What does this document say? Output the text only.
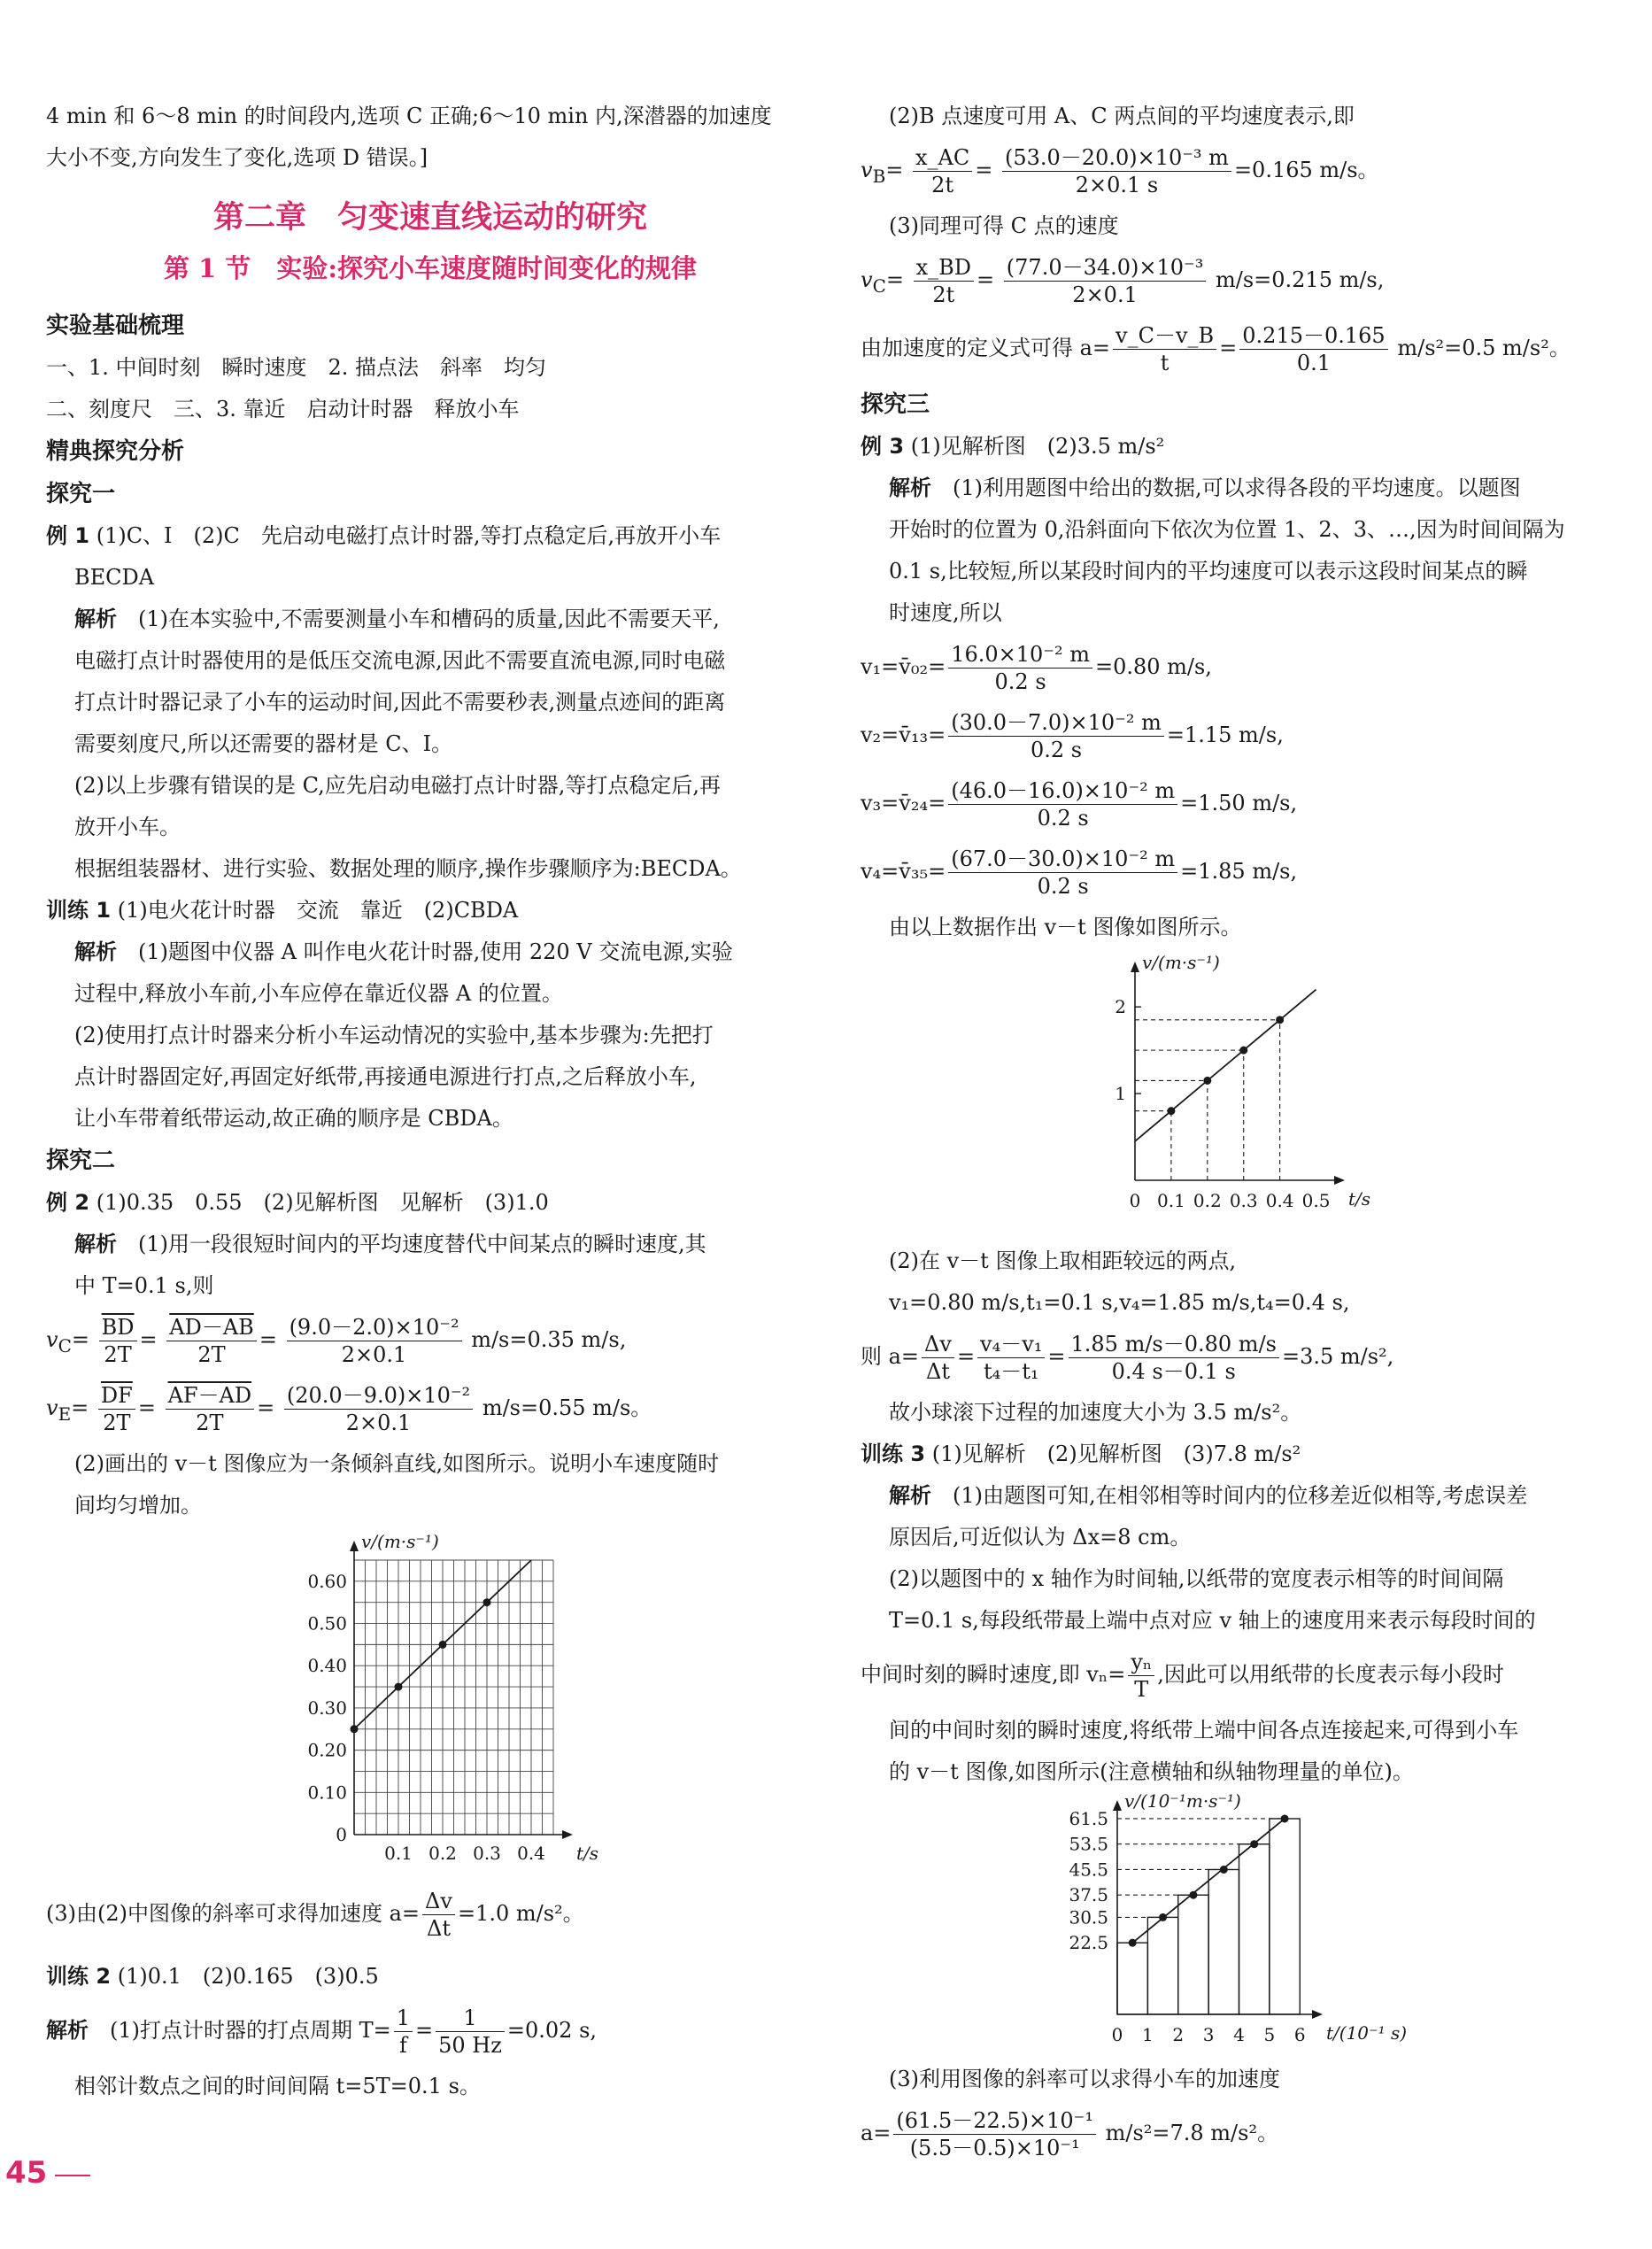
4 min 和 6～8 min 的时间段内,选项 C 正确;6～10 min 内,深潜器的加速度

大小不变,方向发生了变化,选项 D 错误。]

第二章　匀变速直线运动的研究

第 1 节　实验:探究小车速度随时间变化的规律

实验基础梳理

一、1. 中间时刻　瞬时速度　2. 描点法　斜率　均匀

二、刻度尺　三、3. 靠近　启动计时器　释放小车

精典探究分析

探究一

例 1 (1)C、I　(2)C　先启动电磁打点计时器,等打点稳定后,再放开小车

BECDA

解析　 (1)在本实验中,不需要测量小车和槽码的质量,因此不需要天平,

电磁打点计时器使用的是低压交流电源,因此不需要直流电源,同时电磁

打点计时器记录了小车的运动时间,因此不需要秒表,测量点迹间的距离

需要刻度尺,所以还需要的器材是 C、I。

(2)以上步骤有错误的是 C,应先启动电磁打点计时器,等打点稳定后,再

放开小车。

根据组装器材、进行实验、数据处理的顺序,操作步骤顺序为:BECDA。

训练 1 (1)电火花计时器　交流　靠近　(2)CBDA

解析　 (1)题图中仪器 A 叫作电火花计时器,使用 220 V 交流电源,实验

过程中,释放小车前,小车应停在靠近仪器 A 的位置。

(2)使用打点计时器来分析小车运动情况的实验中,基本步骤为:先把打

点计时器固定好,再固定好纸带,再接通电源进行打点,之后释放小车,

让小车带着纸带运动,故正确的顺序是 CBDA。

探究二

例 2 (1)0.35　0.55　(2)见解析图　见解析　(3)1.0

解析　 (1)用一段很短时间内的平均速度替代中间某点的瞬时速度,其

中 T=0.1 s,则

$v_C= \frac{\overline{BD}}{2T} = \frac{AD-AB}{2T} = \frac{\text{(9.0－2.0)×10⁻²}}{2\times 0.1} m/s=0.35$ m/s,

$v_E= \frac{\overline{DF}}{2T} = \frac{AF-AD}{2T} = \frac{\text{(20.0－9.0)×10⁻²}}{2\times 0.1} m/s=0.55$ m/s。

(2)画出的 v－t 图像应为一条倾斜直线,如图所示。说明小车速度随时

间均匀增加。

v/(m·s⁻¹)
t/s
0
0.10
0.20
0.30
0.40
0.50
0.60
0.1 0.2 0.3 0.4

(3)由(2)中图像的斜率可求得加速度 $a= \frac{\Delta v}{\Delta t} =1.0$ m/s²。

训练 2 (1)0.1　(2)0.165　(3)0.5

解析　 (1)打点计时器的打点周期 $T= \frac{1}{f} = \frac{1}{50 Hz} =0.02$ s,

相邻计数点之间的时间间隔 t=5T=0.1 s。

(2)B 点速度可用 A、C 两点间的平均速度表示,即

$v_B= \frac{x\_AC}{2t} = \frac{\text{(53.0－20.0)×10⁻³ m}}{2\times 0.1 s} =0.165$ m/s。

(3)同理可得 C 点的速度

$v_C= \frac{x\_BD}{2t} = \frac{\text{(77.0－34.0)×10⁻³}}{2\times 0.1} m/s=0.215$ m/s,

由加速度的定义式可得 $a= \frac{v\_C-v\_B}{t} = \frac{0.215-0.165}{0.1} m/s^2=0.5$ m/s²。

探究三

例 3 (1)见解析图　(2)3.5 m/s²

解析　 (1)利用题图中给出的数据,可以求得各段的平均速度。以题图

开始时的位置为 0,沿斜面向下依次为位置 1、2、3、…,因为时间间隔为

0.1 s,比较短,所以某段时间内的平均速度可以表示这段时间某点的瞬

时速度,所以

v₁=v̄₀₂= $\frac{\text{16.0×10⁻² m}}{0.2 s} =0.80$ m/s,

v₂=v̄₁₃= $\frac{\text{(30.0－7.0)×10⁻² m}}{0.2 s} =1.15$ m/s,

v₃=v̄₂₄= $\frac{\text{(46.0－16.0)×10⁻² m}}{0.2 s} =1.50$ m/s,

v₄=v̄₃₅= $\frac{\text{(67.0－30.0)×10⁻² m}}{0.2 s} =1.85$ m/s,

由以上数据作出 v－t 图像如图所示。

v/(m·s⁻¹)
t/s
1
2
0 0.1 0.2 0.3 0.4 0.5

(2)在 v－t 图像上取相距较远的两点,

v₁=0.80 m/s,t₁=0.1 s,v₄=1.85 m/s,t₄=0.4 s,

则 $a= \frac{\Delta v}{\Delta t} = \frac{\text{v₄－v₁}}{\text{t₄－t₁}} = \frac{1.85 m/s-0.80 m/s}{0.4 s-0.1 s} =3.5$ m/s²,

故小球滚下过程的加速度大小为 3.5 m/s²。

训练 3 (1)见解析　(2)见解析图　(3)7.8 m/s²

解析　 (1)由题图可知,在相邻相等时间内的位移差近似相等,考虑误差

原因后,可近似认为 Δx=8 cm。

(2)以题图中的 x 轴作为时间轴,以纸带的宽度表示相等的时间间隔

T=0.1 s,每段纸带最上端中点对应 v 轴上的速度用来表示每段时间的

中间时刻的瞬时速度,即 $v_n= \frac{\text{yₙ}}{T}$ ,因此可以用纸带的长度表示每小段时

间的中间时刻的瞬时速度,将纸带上端中间各点连接起来,可得到小车

的 v－t 图像,如图所示(注意横轴和纵轴物理量的单位)。

v/(10⁻¹m·s⁻¹)
t/(10⁻¹ s)
22.5
30.5
37.5
45.5
53.5
61.5
0 1 2 3 4 5 6

(3)利用图像的斜率可以求得小车的加速度

$a= \frac{\text{(61.5－22.5)×10⁻¹}}{\text{(5.5－0.5)×10⁻¹}} m/s^2=7.8$ m/s²。

45
